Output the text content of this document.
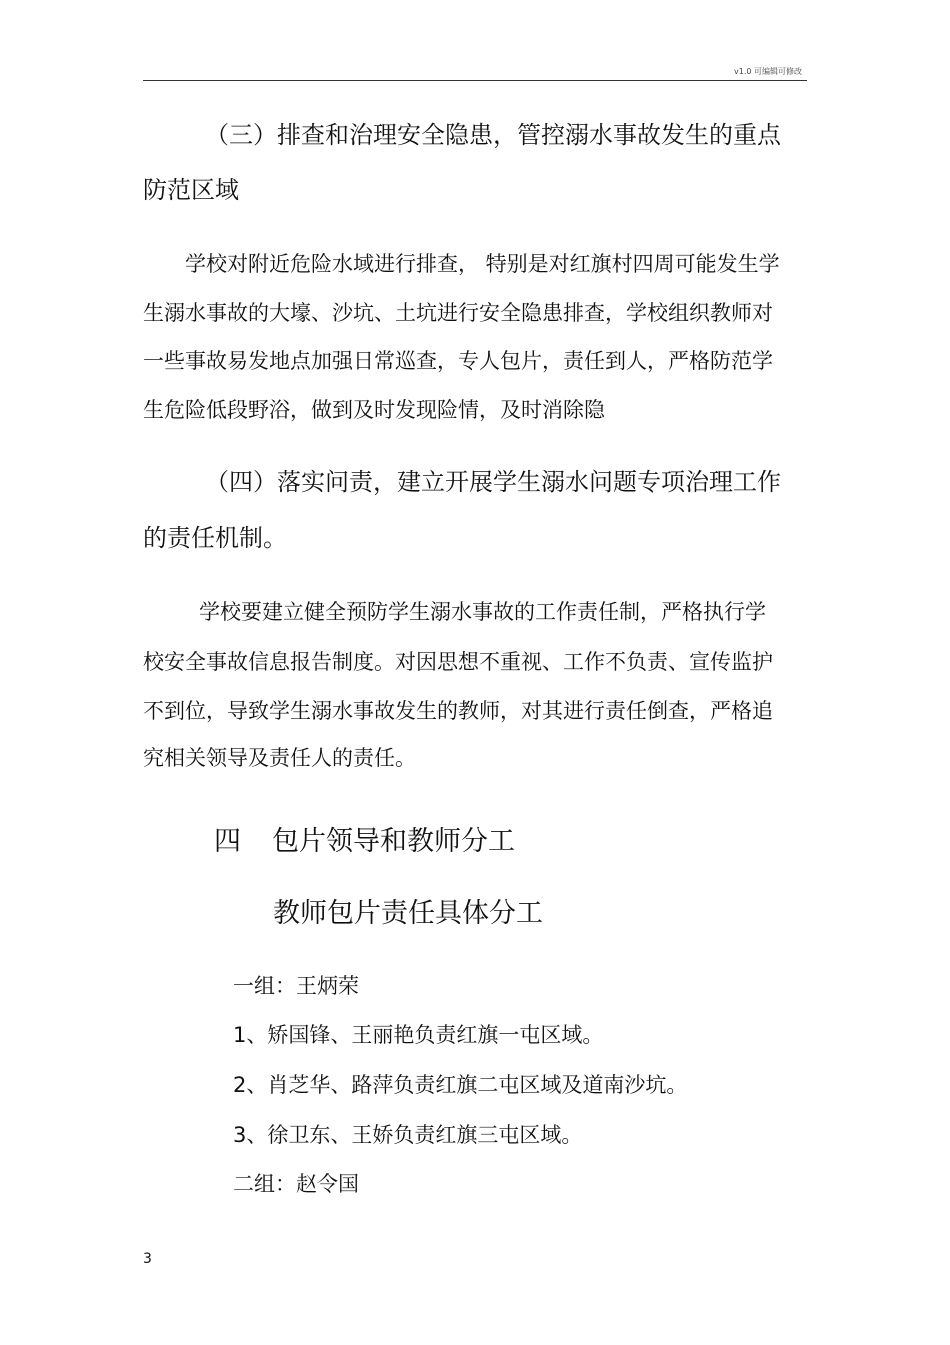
v1.0 可编辑可修改
（三）排查和治理安全隐患，管控溺水事故发生的重点
防范区域
学校对附近危险水域进行排查， 特别是对红旗村四周可能发生学
生溺水事故的大壕、沙坑、土坑进行安全隐患排查，学校组织教师对
一些事故易发地点加强日常巡查，专人包片，责任到人，严格防范学
生危险低段野浴，做到及时发现险情，及时消除隐
（四）落实问责，建立开展学生溺水问题专项治理工作
的责任机制。
学校要建立健全预防学生溺水事故的工作责任制，严格执行学
校安全事故信息报告制度。对因思想不重视、工作不负责、宣传监护
不到位，导致学生溺水事故发生的教师，对其进行责任倒查，严格追
究相关领导及责任人的责任。
四 包片领导和教师分工
教师包片责任具体分工
一组：王炳荣
1、矫国锋、王丽艳负责红旗一屯区域。
2、肖芝华、路萍负责红旗二屯区域及道南沙坑。
3、徐卫东、王娇负责红旗三屯区域。
二组：赵令国
3
